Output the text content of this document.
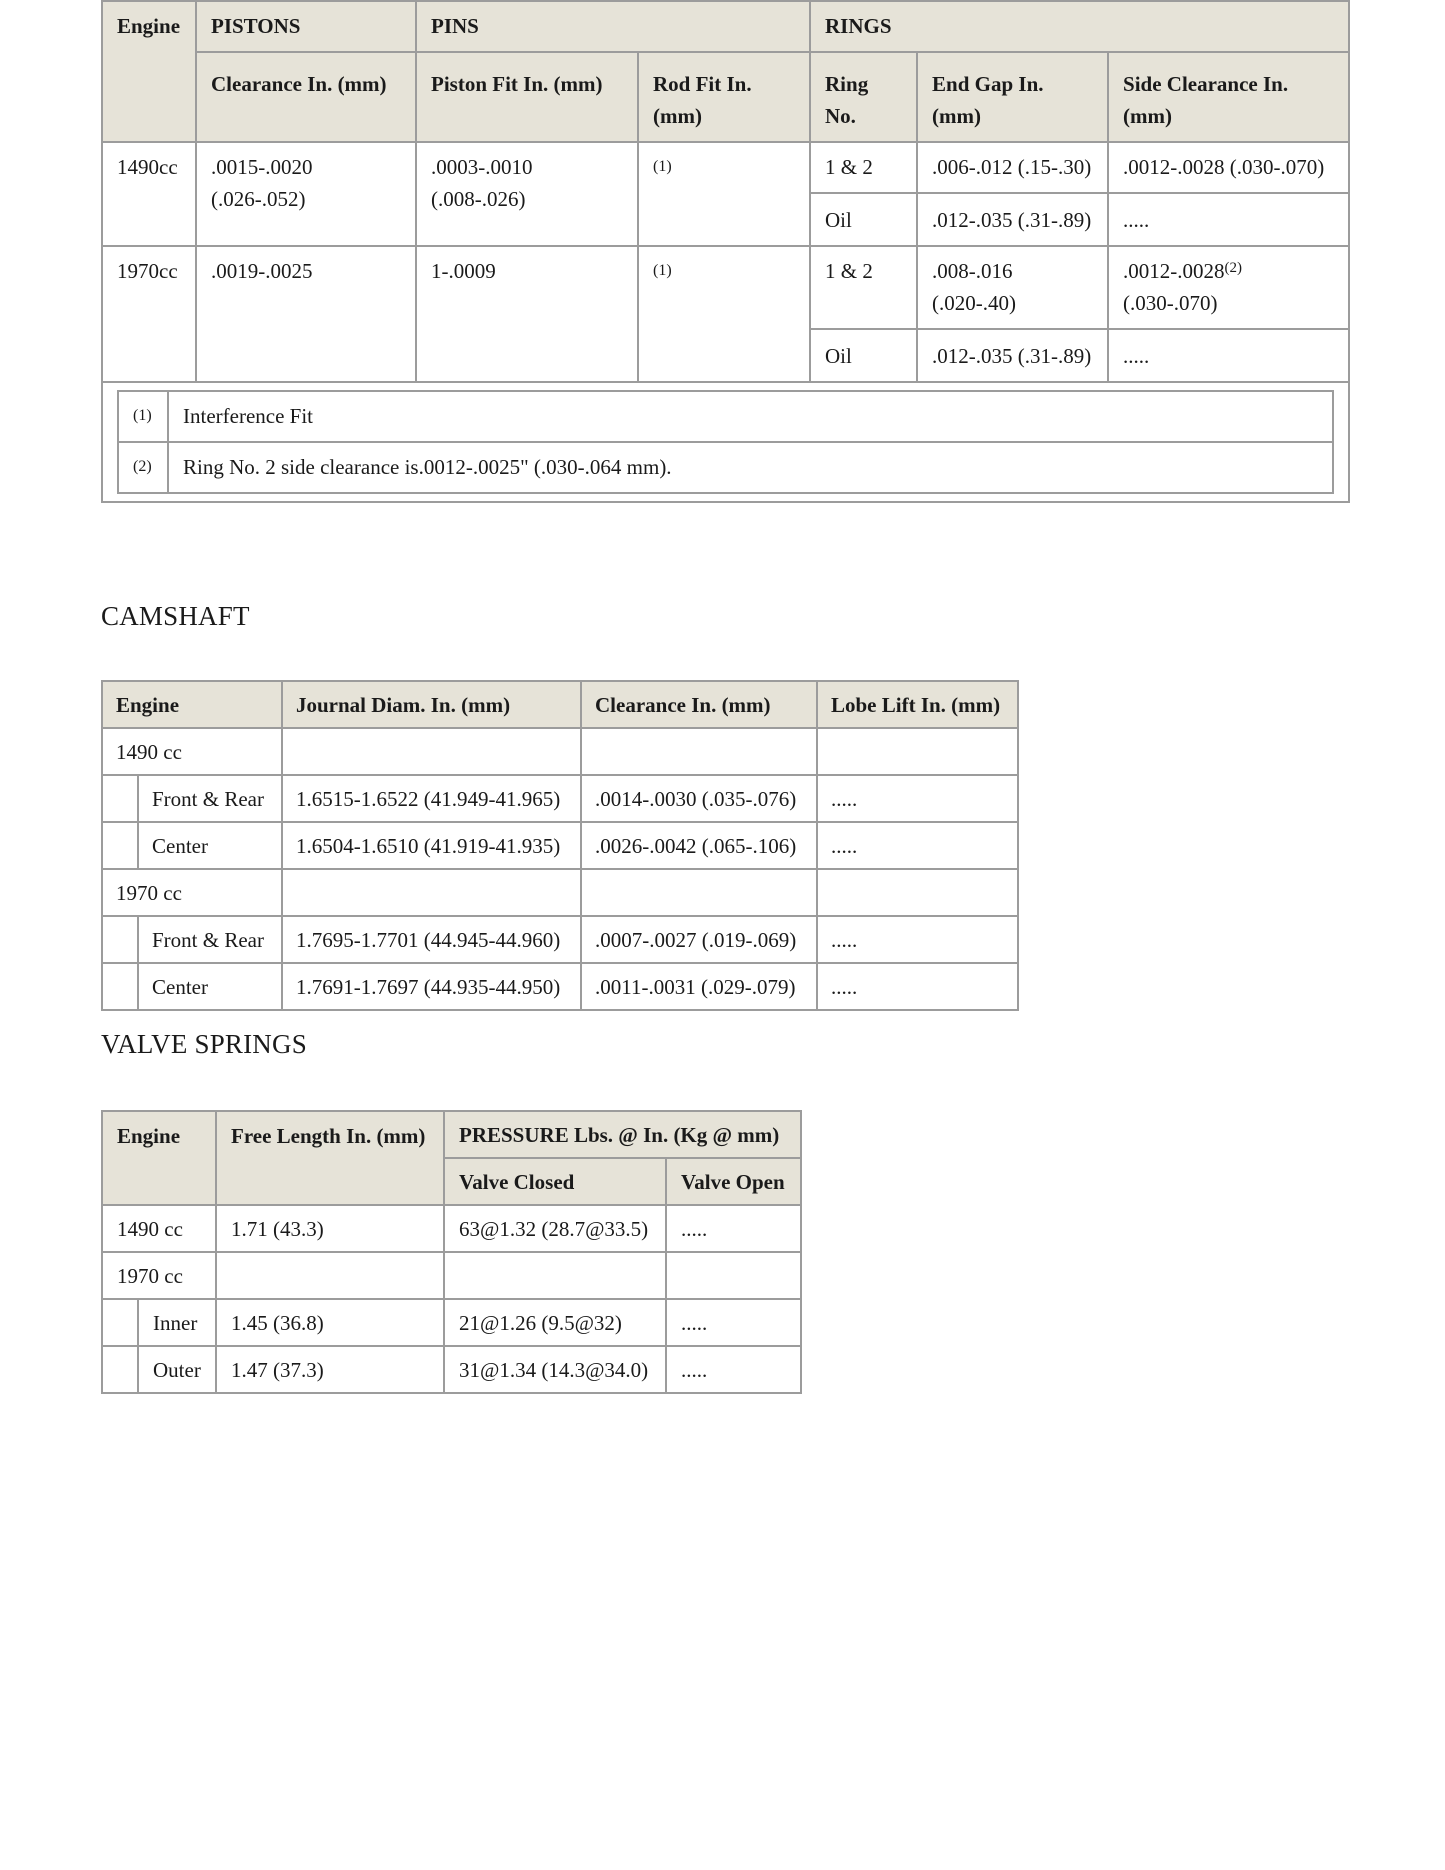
Engine	PISTONS	PINS	RINGS
Clearance In. (mm)	Piston Fit In. (mm)	Rod Fit In. (mm)	Ring No.	End Gap In. (mm)	Side Clearance In. (mm)
1490cc	.0015-.0020 (.026-.052)	.0003-.0010 (.008-.026)	(1)	1 & 2	.006-.012 (.15-.30)	.0012-.0028 (.030-.070)
Oil	.012-.035 (.31-.89)	.....
1970cc	.0019-.0025	1-.0009	(1)	1 & 2	.008-.016 (.020-.40)	.0012-.0028$^{(2)}$
(.030-.070)
Oil	.012-.035 (.31-.89)	.....

(1)	Interference Fit
(2)	Ring No. 2 side clearance is.0012-.0025" (.030-.064 mm).
CAMSHAFT
Engine		Journal Diam. In. (mm)	Clearance In. (mm)	Lobe Lift In. (mm)
1490 cc				
	Front & Rear	1.6515-1.6522 (41.949-41.965)	.0014-.0030 (.035-.076)	.....
	Center	1.6504-1.6510 (41.919-41.935)	.0026-.0042 (.065-.106)	.....
1970 cc				
	Front & Rear	1.7695-1.7701 (44.945-44.960)	.0007-.0027 (.019-.069)	.....
	Center	1.7691-1.7697 (44.935-44.950)	.0011-.0031 (.029-.079)	.....
VALVE SPRINGS
Engine		Free Length In. (mm)	PRESSURE Lbs. @ In. (Kg @ mm)	
			Valve Closed	Valve Open
1490 cc		1.71 (43.3)	63@1.32 (28.7@33.5)	.....
1970 cc				
	Inner	1.45 (36.8)	21@1.26 (9.5@32)	.....
	Outer	1.47 (37.3)	31@1.34 (14.3@34.0)	.....
